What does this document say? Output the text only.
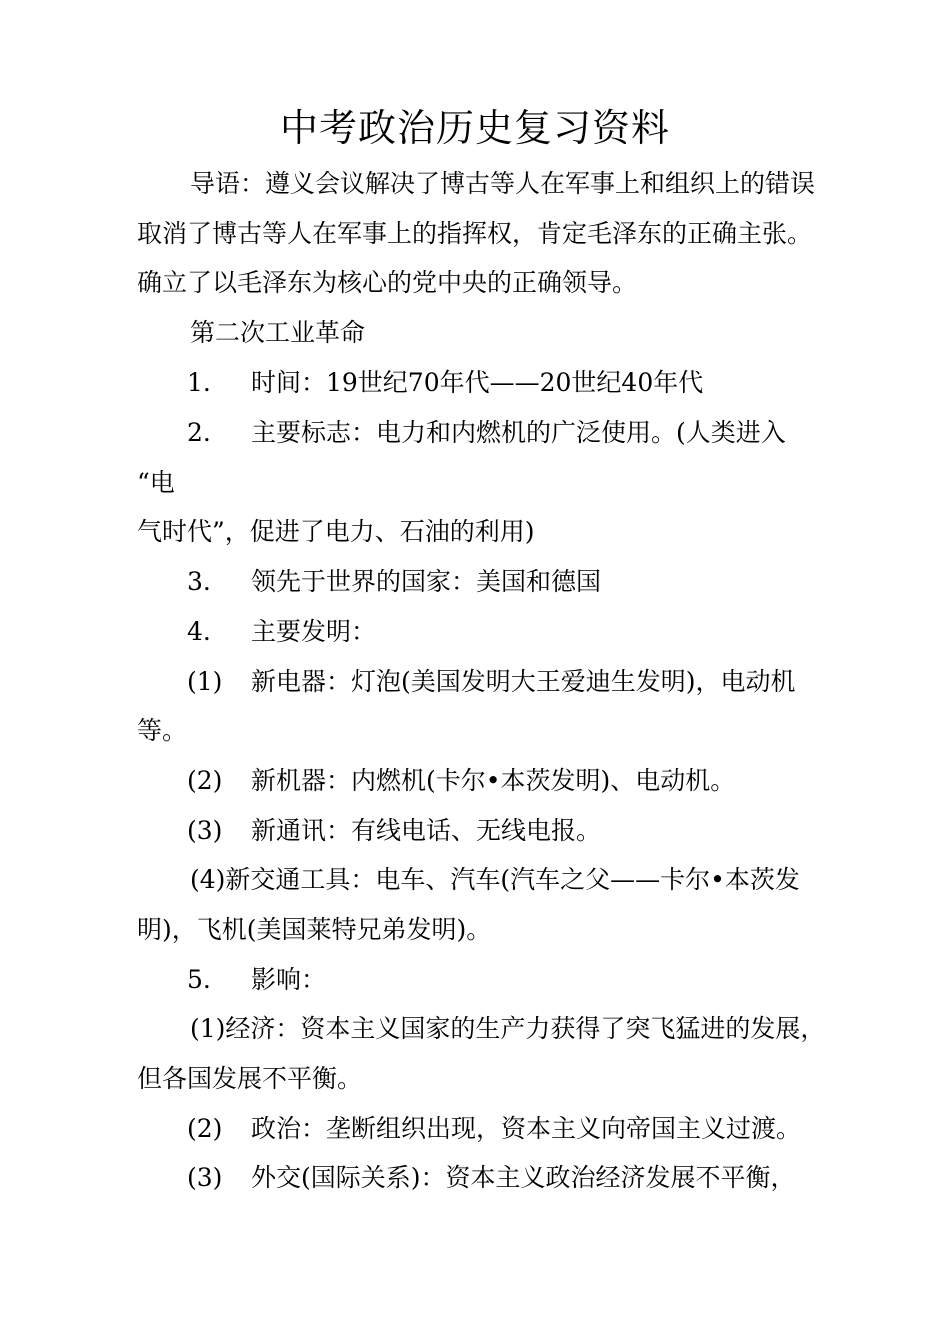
中考政治历史复习资料
导语：遵义会议解决了博古等人在军事上和组织上的错误
取消了博古等人在军事上的指挥权，肯定毛泽东的正确主张。
确立了以毛泽东为核心的党中央的正确领导。
第二次工业革命
1. 时间：19世纪70年代——20世纪40年代
2. 主要标志：电力和内燃机的广泛使用。(人类进入
“电
气时代”，促进了电力、石油的利用)
3. 领先于世界的国家：美国和德国
4. 主要发明：
(1) 新电器：灯泡(美国发明大王爱迪生发明)，电动机
等。
(2) 新机器：内燃机(卡尔•本茨发明)、电动机。
(3) 新通讯：有线电话、无线电报。
(4)新交通工具：电车、汽车(汽车之父——卡尔•本茨发
明)，飞机(美国莱特兄弟发明)。
5. 影响：
(1)经济：资本主义国家的生产力获得了突飞猛进的发展，
但各国发展不平衡。
(2) 政治：垄断组织出现，资本主义向帝国主义过渡。
(3) 外交(国际关系)：资本主义政治经济发展不平衡，
